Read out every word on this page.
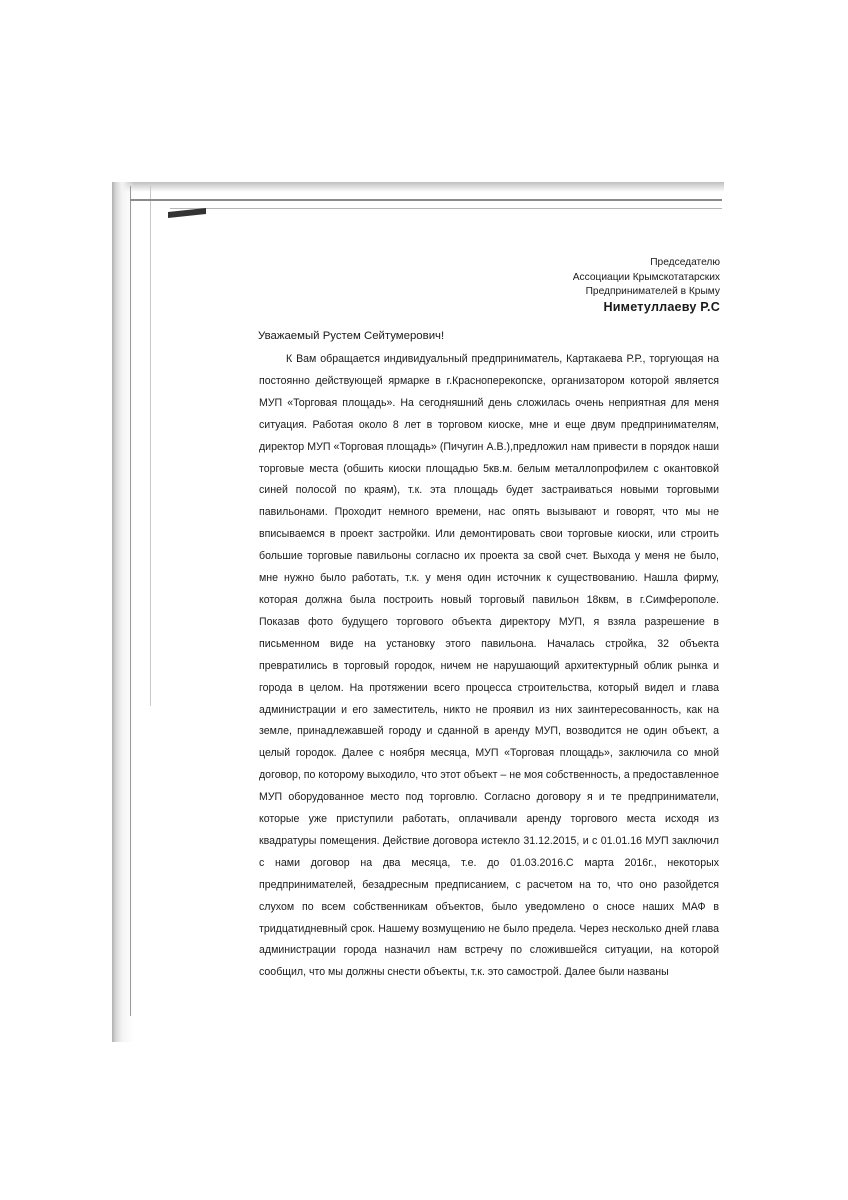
Председателю
Ассоциации Крымскотатарских
Предпринимателей в Крыму
Ниметуллаеву Р.С
Уважаемый Рустем Сейтумерович!

К Вам обращается индивидуальный предприниматель, Картакаева Р.Р., торгующая на постоянно действующей ярмарке в г.Красноперекопске, организатором которой является МУП «Торговая площадь». На сегодняшний день сложилась очень неприятная для меня ситуация. Работая около 8 лет в торговом киоске, мне и еще двум предпринимателям, директор МУП «Торговая площадь» (Пичугин А.В.),предложил нам привести в порядок наши торговые места (обшить киоски площадью 5кв.м. белым металлопрофилем с окантовкой синей полосой по краям), т.к. эта площадь будет застраиваться новыми торговыми павильонами. Проходит немного времени, нас опять вызывают и говорят, что мы не вписываемся в проект застройки. Или демонтировать свои торговые киоски, или строить большие торговые павильоны согласно их проекта за свой счет. Выхода у меня не было, мне нужно было работать, т.к. у меня один источник к существованию. Нашла фирму, которая должна была построить новый торговый павильон 18квм, в г.Симферополе. Показав фото будущего торгового объекта директору МУП, я взяла разрешение в письменном виде на установку этого павильона. Началась стройка, 32 объекта превратились в торговый городок, ничем не нарушающий архитектурный облик рынка и города в целом. На протяжении всего процесса строительства, который видел и глава администрации и его заместитель, никто не проявил из них заинтересованность, как на земле, принадлежавшей городу и сданной в аренду МУП, возводится не один объект, а целый городок. Далее с ноября месяца, МУП «Торговая площадь», заключила со мной договор, по которому выходило, что этот объект – не моя собственность, а предоставленное МУП оборудованное место под торговлю. Согласно договору я и те предприниматели, которые уже приступили работать, оплачивали аренду торгового места исходя из квадратуры помещения. Действие договора истекло 31.12.2015, и с 01.01.16 МУП заключил с нами договор на два месяца, т.е. до 01.03.2016.С марта 2016г., некоторых предпринимателей, безадресным предписанием, с расчетом на то, что оно разойдется слухом по всем собственникам объектов, было уведомлено о сносе наших МАФ в тридцатидневный срок. Нашему возмущению не было предела. Через несколько дней глава администрации города назначил нам встречу по сложившейся ситуации, на которой сообщил, что мы должны снести объекты, т.к. это самострой. Далее были названы
